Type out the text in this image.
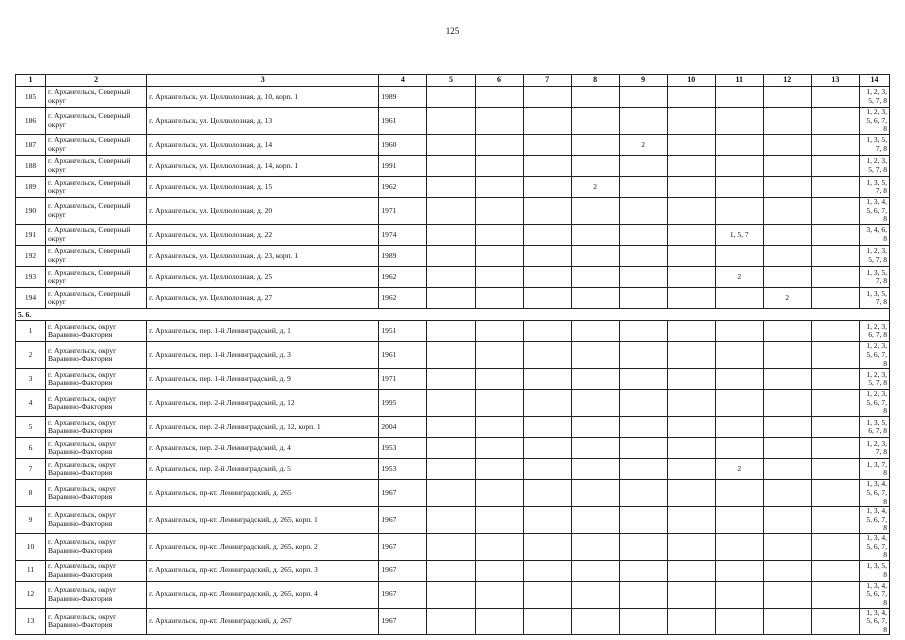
125
1	2	3	4	5	6	7	8	9	10	11	12	13	14
185	г. Архангельск, Северный округ	г. Архангельск, ул. Целлюлозная, д. 10, корп. 1	1989										1, 2, 3, 5, 7, 8
186	г. Архангельск, Северный округ	г. Архангельск, ул. Целлюлозная, д. 13	1961										1, 2, 3, 5, 6, 7, 8
187	г. Архангельск, Северный округ	г. Архангельск, ул. Целлюлозная, д. 14	1960					2					1, 3, 5, 7, 8
188	г. Архангельск, Северный округ	г. Архангельск, ул. Целлюлозная, д. 14, корп. 1	1991										1, 2, 3, 5, 7, 8
189	г. Архангельск, Северный округ	г. Архангельск, ул. Целлюлозная, д. 15	1962				2						1, 3, 5, 7, 8
190	г. Архангельск, Северный округ	г. Архангельск, ул. Целлюлозная, д. 20	1971										1, 3, 4, 5, 6, 7, 8
191	г. Архангельск, Северный округ	г. Архангельск, ул. Целлюлозная, д. 22	1974							1, 5, 7			3, 4, 6, 8
192	г. Архангельск, Северный округ	г. Архангельск, ул. Целлюлозная, д. 23, корп. 1	1989										1, 2, 3, 5, 7, 8
193	г. Архангельск, Северный округ	г. Архангельск, ул. Целлюлозная, д. 25	1962							2			1, 3, 5, 7, 8
194	г. Архангельск, Северный округ	г. Архангельск, ул. Целлюлозная, д. 27	1962								2		1, 3, 5, 7, 8
5. 6.													
1	г. Архангельск, округ Варавино-Фактория	г. Архангельск, пер. 1-й Ленинградский, д. 1	1951										1, 2, 3, 6, 7, 8
2	г. Архангельск, округ Варавино-Фактория	г. Архангельск, пер. 1-й Ленинградский, д. 3	1961										1, 2, 3, 5, 6, 7, 8
3	г. Архангельск, округ Варавино-Фактория	г. Архангельск, пер. 1-й Ленинградский, д. 9	1971										1, 2, 3, 5, 7, 8
4	г. Архангельск, округ Варавино-Фактория	г. Архангельск, пер. 2-й Ленинградский, д. 12	1995										1, 2, 3, 5, 6, 7, 8
5	г. Архангельск, округ Варавино-Фактория	г. Архангельск, пер. 2-й Ленинградский, д. 12, корп. 1	2004										1, 3, 5, 6, 7, 8
6	г. Архангельск, округ Варавино-Фактория	г. Архангельск, пер. 2-й Ленинградский, д. 4	1953										1, 2, 3, 7, 8
7	г. Архангельск, округ Варавино-Фактория	г. Архангельск, пер. 2-й Ленинградский, д. 5	1953							2			1, 3, 7, 8
8	г. Архангельск, округ Варавино-Фактория	г. Архангельск, пр-кт. Ленинградский, д. 265	1967										1, 3, 4, 5, 6, 7, 8
9	г. Архангельск, округ Варавино-Фактория	г. Архангельск, пр-кт. Ленинградский, д. 265, корп. 1	1967										1, 3, 4, 5, 6, 7, 8
10	г. Архангельск, округ Варавино-Фактория	г. Архангельск, пр-кт. Ленинградский, д. 265, корп. 2	1967										1, 3, 4, 5, 6, 7, 8
11	г. Архангельск, округ Варавино-Фактория	г. Архангельск, пр-кт. Ленинградский, д. 265, корп. 3	1967										1, 3, 5, 8
12	г. Архангельск, округ Варавино-Фактория	г. Архангельск, пр-кт. Ленинградский, д. 265, корп. 4	1967										1, 3, 4, 5, 6, 7, 8
13	г. Архангельск, округ Варавино-Фактория	г. Архангельск, пр-кт. Ленинградский, д. 267	1967										1, 3, 4, 5, 6, 7, 8
